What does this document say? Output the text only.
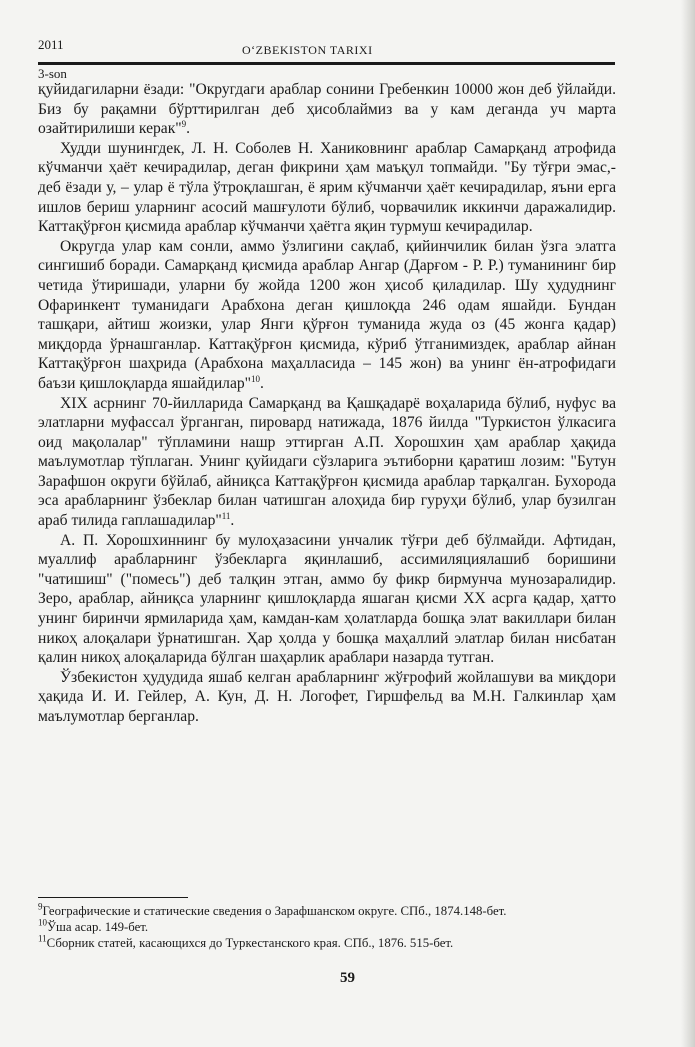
2011	O‘ZBEKISTON TARIXI
3-son

қуйидагиларни ёзади: "Округдаги араблар сонини Гребенкин 10000 жон деб ўйлайди. Биз бу рақамни бўрттирилган деб ҳисоблаймиз ва у кам деганда уч марта озайтирилиши керак"$^9$.

Худди шунингдек, Л. Н. Соболев Н. Ханиковнинг араблар Самарқанд атрофида кўчманчи ҳаёт кечирадилар, деган фикрини ҳам маъқул топмайди. "Бу тўғри эмас,- деб ёзади у, – улар ё тўла ўтроқлашган, ё ярим кўчманчи ҳаёт кечирадилар, яъни ерга ишлов бериш уларнинг асосий машғулоти бўлиб, чорвачилик иккинчи даражалидир. Каттақўрғон қисмида араблар кўчманчи ҳаётга яқин турмуш кечирадилар.

Округда улар кам сонли, аммо ўзлигини сақлаб, қийинчилик билан ўзга элатга сингишиб боради. Самарқанд қисмида араблар Ангар (Дарғом - Р. Р.) туманининг бир четида ўтиришади, уларни бу жойда 1200 жон ҳисоб қиладилар. Шу ҳудуднинг Офаринкент туманидаги Арабхона деган қишлоқда 246 одам яшайди. Бундан ташқари, айтиш жоизки, улар Янги қўрғон туманида жуда оз (45 жонга қадар) миқдорда ўрнашганлар. Каттақўрғон қисмида, кўриб ўтганимиздек, араблар айнан Каттақўрғон шаҳрида (Арабхона маҳалласида – 145 жон) ва унинг ён-атрофидаги баъзи қишлоқларда яшайдилар"$^{10}$.

XIX асрнинг 70-йилларида Самарқанд ва Қашқадарё воҳаларида бўлиб, нуфус ва элатларни муфассал ўрганган, пировард натижада, 1876 йилда "Туркистон ўлкасига оид мақолалар" тўпламини нашр эттирган А.П. Хорошхин ҳам араблар ҳақида маълумотлар тўплаган. Унинг қуйидаги сўзларига эътиборни қаратиш лозим: "Бутун Зарафшон округи бўйлаб, айниқса Каттақўрғон қисмида араблар тарқалган. Бухорода эса арабларнинг ўзбеклар билан чатишган алоҳида бир гуруҳи бўлиб, улар бузилган араб тилида гаплашадилар"$^{11}$.

А. П. Хорошхиннинг бу мулоҳазасини унчалик тўғри деб бўлмайди. Афтидан, муаллиф арабларнинг ўзбекларга яқинлашиб, ассимиляциялашиб боришини "чатишиш" ("помесь") деб талқин этган, аммо бу фикр бирмунча мунозаралидир. Зеро, араблар, айниқса уларнинг қишлоқларда яшаган қисми XX асрга қадар, ҳатто унинг биринчи ярмиларида ҳам, камдан-кам ҳолатларда бошқа элат вакиллари билан никоҳ алоқалари ўрнатишган. Ҳар ҳолда у бошқа маҳаллий элатлар билан нисбатан қалин никоҳ алоқаларида бўлган шаҳарлик араблари назарда тутган.

Ўзбекистон ҳудудида яшаб келган арабларнинг жўғрофий жойлашуви ва миқдори ҳақида И. И. Гейлер, А. Кун, Д. Н. Логофет, Гиршфельд ва М.Н. Галкинлар ҳам маълумотлар берганлар.

$^9$Географические и статические сведения о Зарафшанском округе. СПб., 1874.148-бет.

$^{10}$Ўша асар. 149-бет.

$^{11}$Сборник статей, касающихся до Туркестанского края. СПб., 1876. 515-бет.

59
